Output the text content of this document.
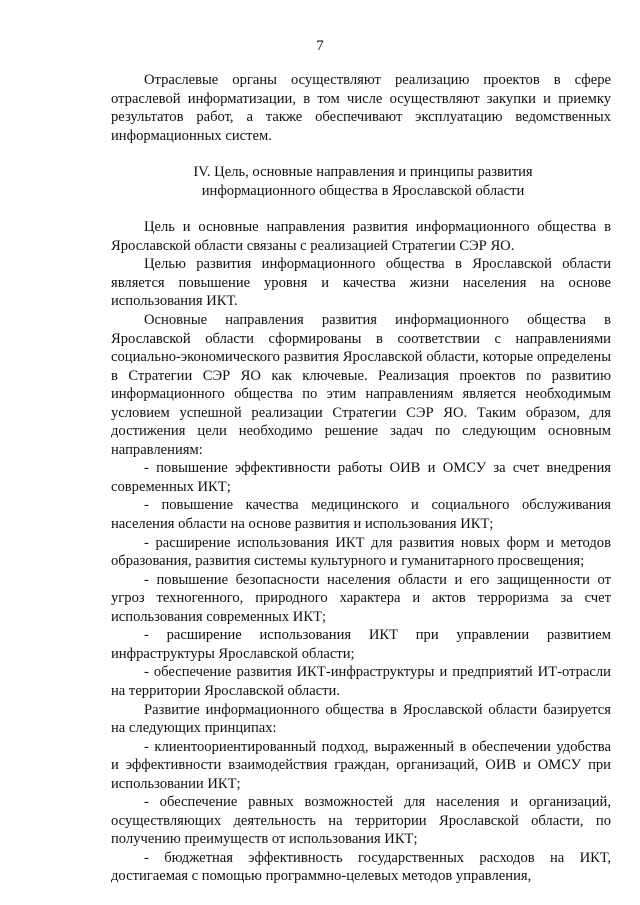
7

Отраслевые органы осуществляют реализацию проектов в сфере отраслевой информатизации, в том числе осуществляют закупки и приемку результатов работ, а также обеспечивают эксплуатацию ведомственных информационных систем.

IV. Цель, основные направления и принципы развития
информационного общества в Ярославской области

Цель и основные направления развития информационного общества в Ярославской области связаны с реализацией Стратегии СЭР ЯО.

Целью развития информационного общества в Ярославской области является повышение уровня и качества жизни населения на основе использования ИКТ.

Основные направления развития информационного общества в Ярославской области сформированы в соответствии с направлениями социально-экономического развития Ярославской области, которые определены в Стратегии СЭР ЯО как ключевые. Реализация проектов по развитию информационного общества по этим направлениям является необходимым условием успешной реализации Стратегии СЭР ЯО. Таким образом, для достижения цели необходимо решение задач по следующим основным направлениям:

- повышение эффективности работы ОИВ и ОМСУ за счет внедрения современных ИКТ;

- повышение качества медицинского и социального обслуживания населения области на основе развития и использования ИКТ;

- расширение использования ИКТ для развития новых форм и методов образования, развития системы культурного и гуманитарного просвещения;

- повышение безопасности населения области и его защищенности от угроз техногенного, природного характера и актов терроризма за счет использования современных ИКТ;

- расширение использования ИКТ при управлении развитием инфраструктуры Ярославской области;

- обеспечение развития ИКТ-инфраструктуры и предприятий ИТ-отрасли на территории Ярославской области.

Развитие информационного общества в Ярославской области базируется на следующих принципах:

- клиентоориентированный подход, выраженный в обеспечении удобства и эффективности взаимодействия граждан, организаций, ОИВ и ОМСУ при использовании ИКТ;

- обеспечение равных возможностей для населения и организаций, осуществляющих деятельность на территории Ярославской области, по получению преимуществ от использования ИКТ;

- бюджетная эффективность государственных расходов на ИКТ, достигаемая с помощью программно-целевых методов управления,
